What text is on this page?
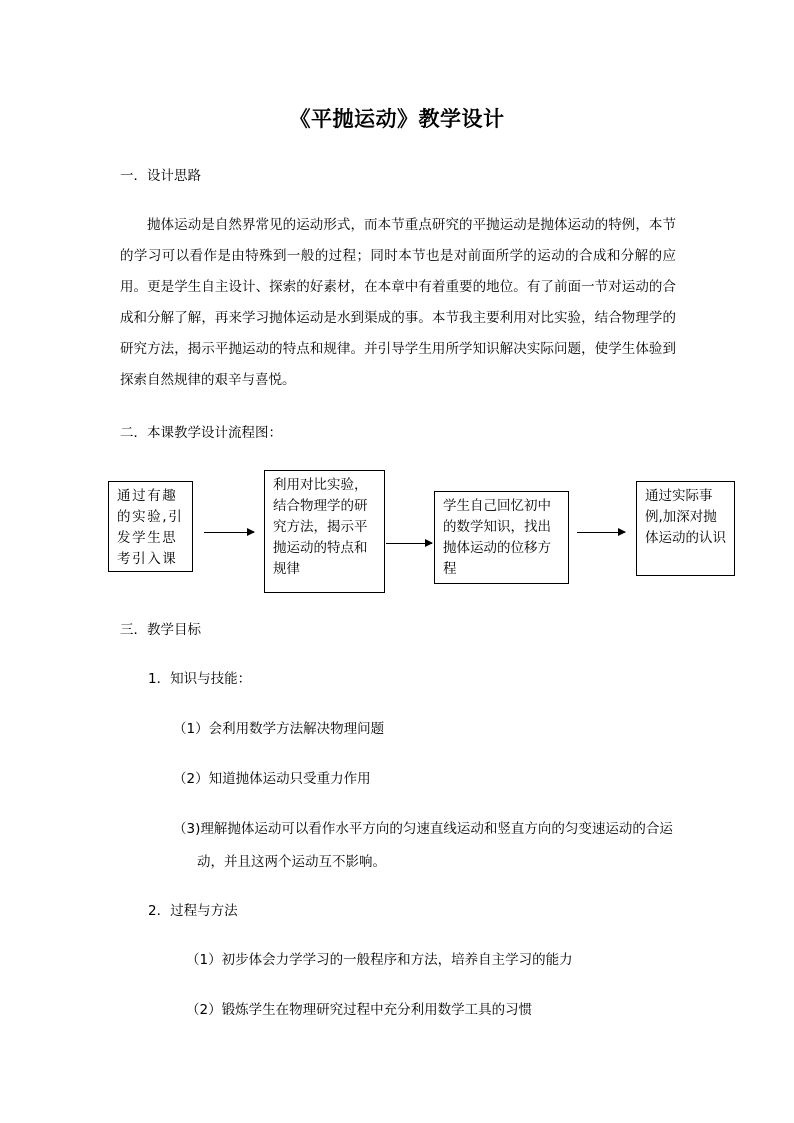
《平抛运动》教学设计
一．设计思路
抛体运动是自然界常见的运动形式，而本节重点研究的平抛运动是抛体运动的特例，本节的学习可以看作是由特殊到一般的过程；同时本节也是对前面所学的运动的合成和分解的应用。更是学生自主设计、探索的好素材，在本章中有着重要的地位。有了前面一节对运动的合成和分解了解，再来学习抛体运动是水到渠成的事。本节我主要利用对比实验，结合物理学的研究方法，揭示平抛运动的特点和规律。并引导学生用所学知识解决实际问题，使学生体验到探索自然规律的艰辛与喜悦。
二．本课教学设计流程图：
通过有趣的实验,引发学生思考引入课
利用对比实验，结合物理学的研究方法，揭示平抛运动的特点和规律
学生自己回忆初中的数学知识，找出抛体运动的位移方程
通过实际事例,加深对抛体运动的认识
三．教学目标
1．知识与技能：
（1）会利用数学方法解决物理问题
（2）知道抛体运动只受重力作用
（3)理解抛体运动可以看作水平方向的匀速直线运动和竖直方向的匀变速运动的合运动，并且这两个运动互不影响。
2．过程与方法
（1）初步体会力学学习的一般程序和方法，培养自主学习的能力
（2）锻炼学生在物理研究过程中充分利用数学工具的习惯
